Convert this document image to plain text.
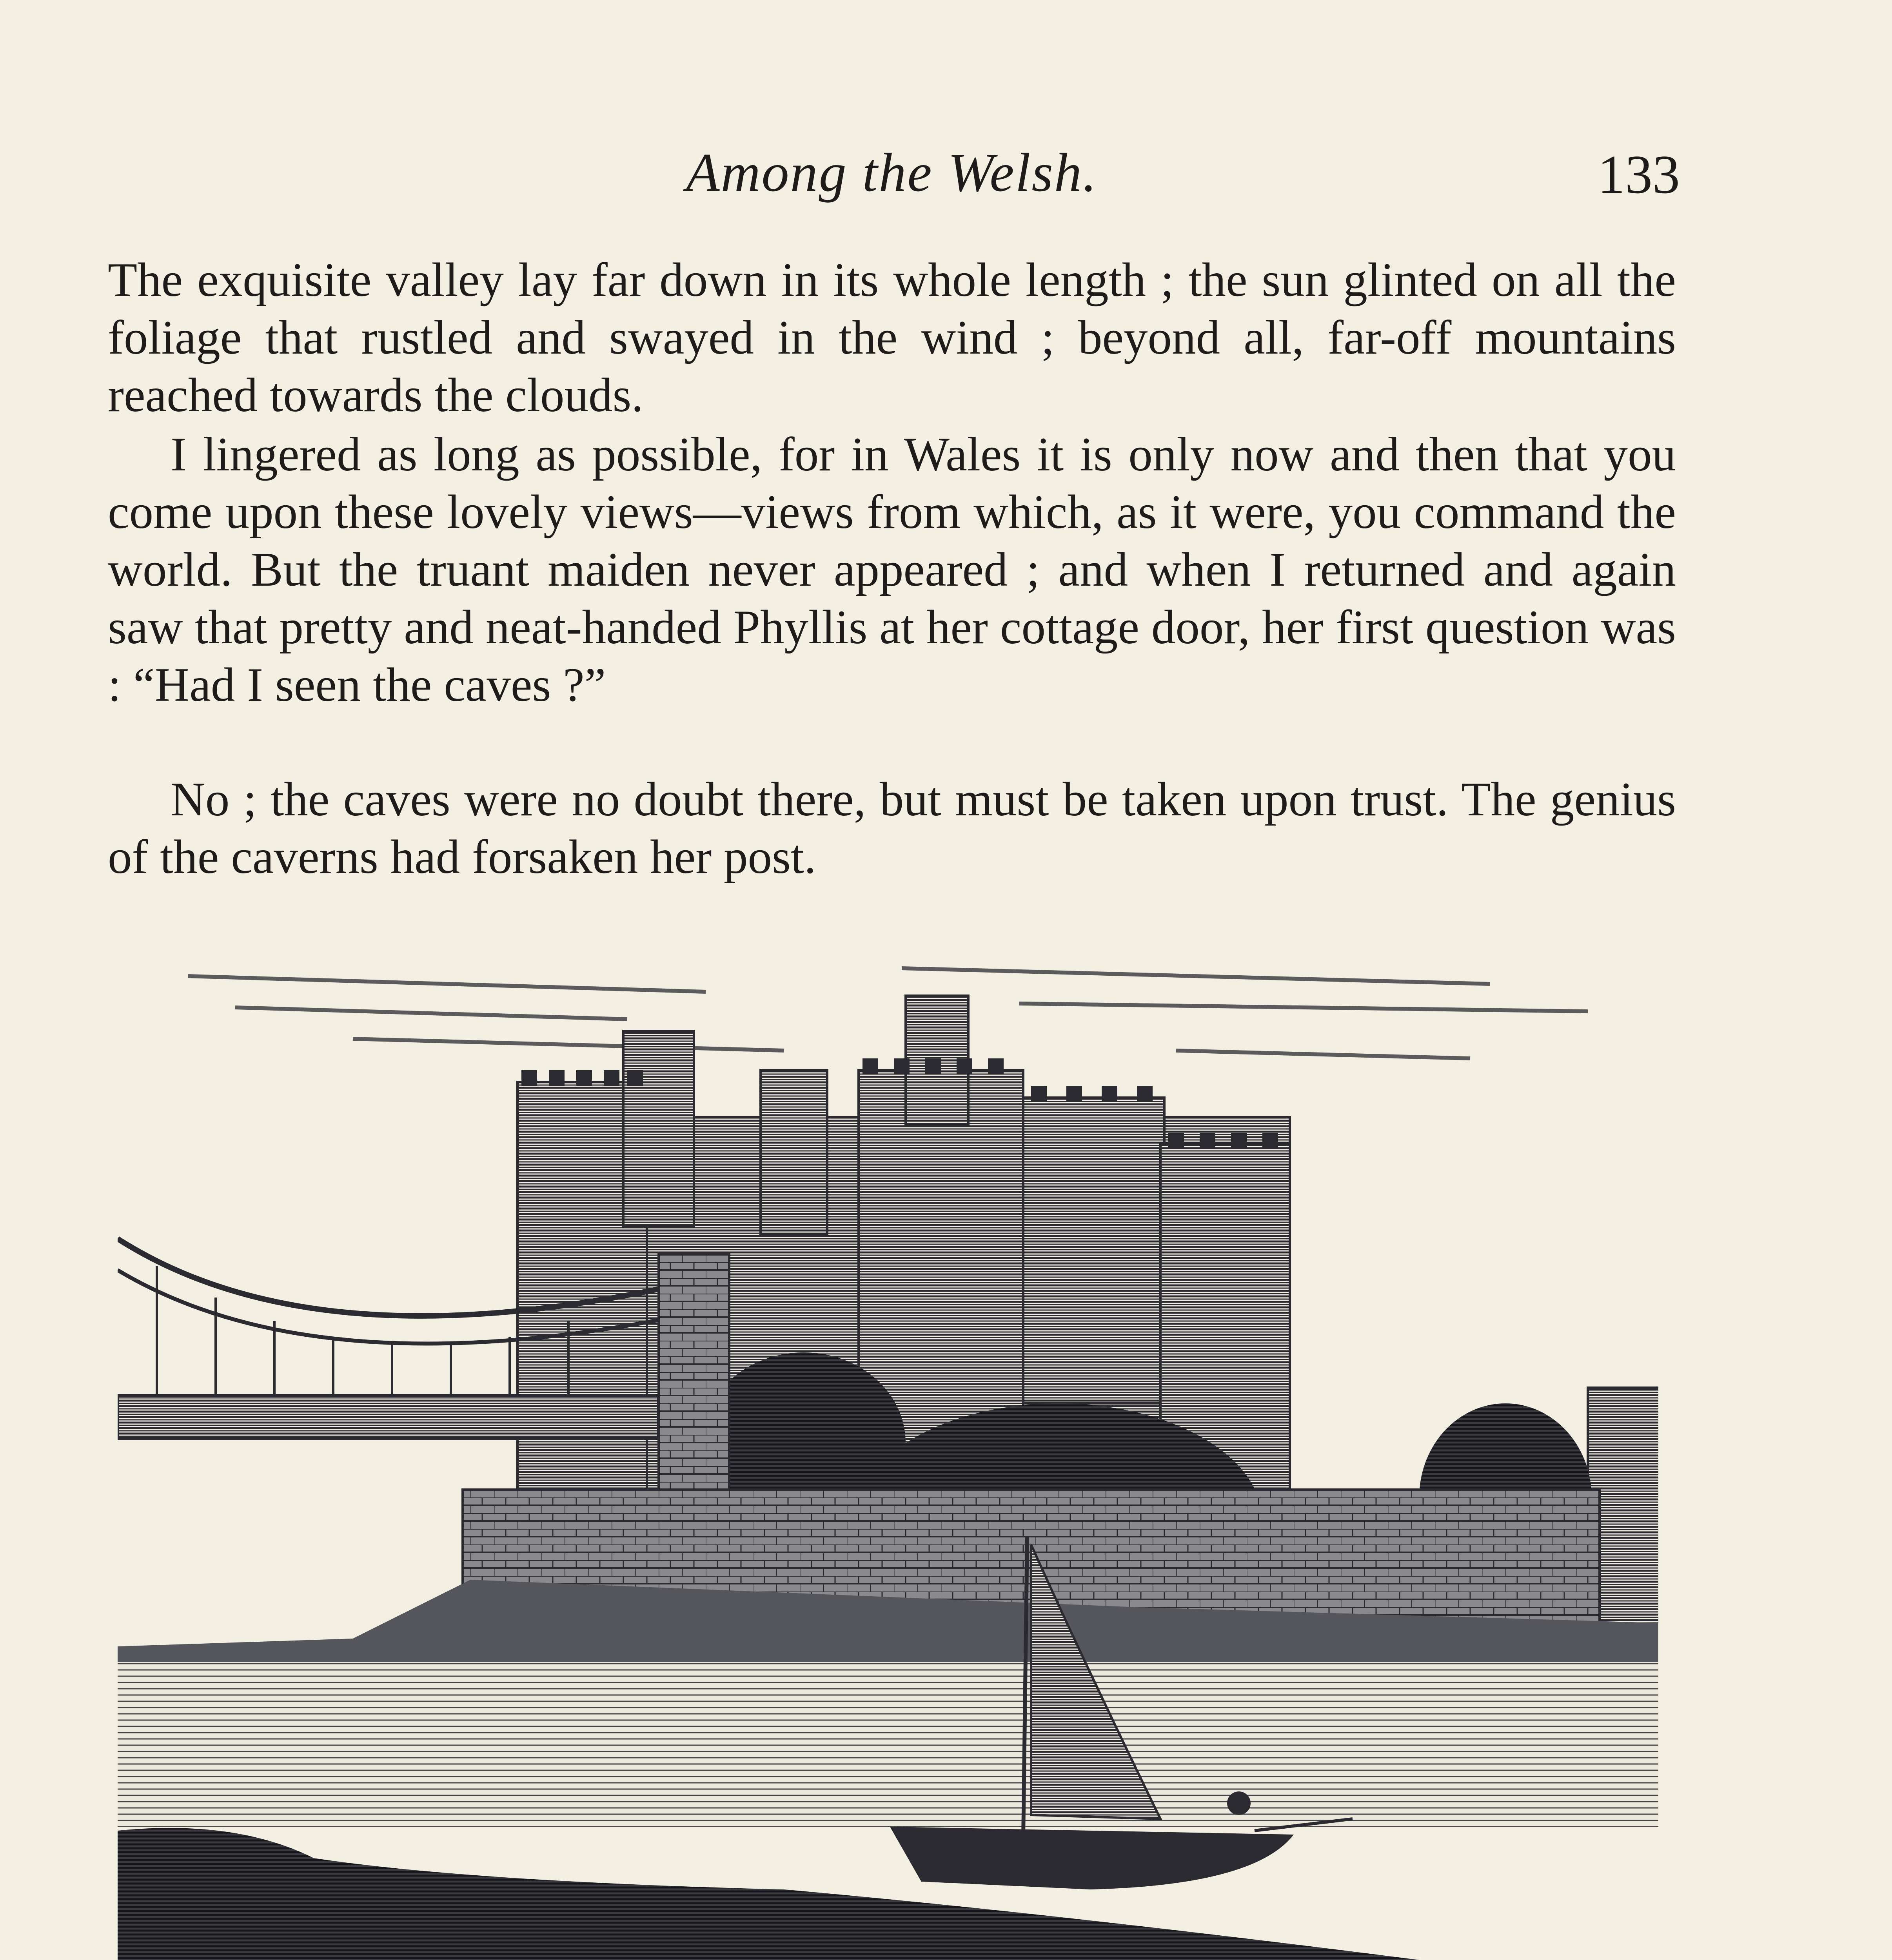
Among the Welsh.	133

The exquisite valley lay far down in its whole length ; the sun glinted on all the foliage that rustled and swayed in the wind ; beyond all, far-off mountains reached towards the clouds.

I lingered as long as possible, for in Wales it is only now and then that you come upon these lovely views—views from which, as it were, you command the world. But the truant maiden never appeared ; and when I returned and again saw that pretty and neat-handed Phyllis at her cottage door, her first question was : “Had I seen the caves ?”

No ; the caves were no doubt there, but must be taken upon trust. The genius of the caverns had forsaken her post.
